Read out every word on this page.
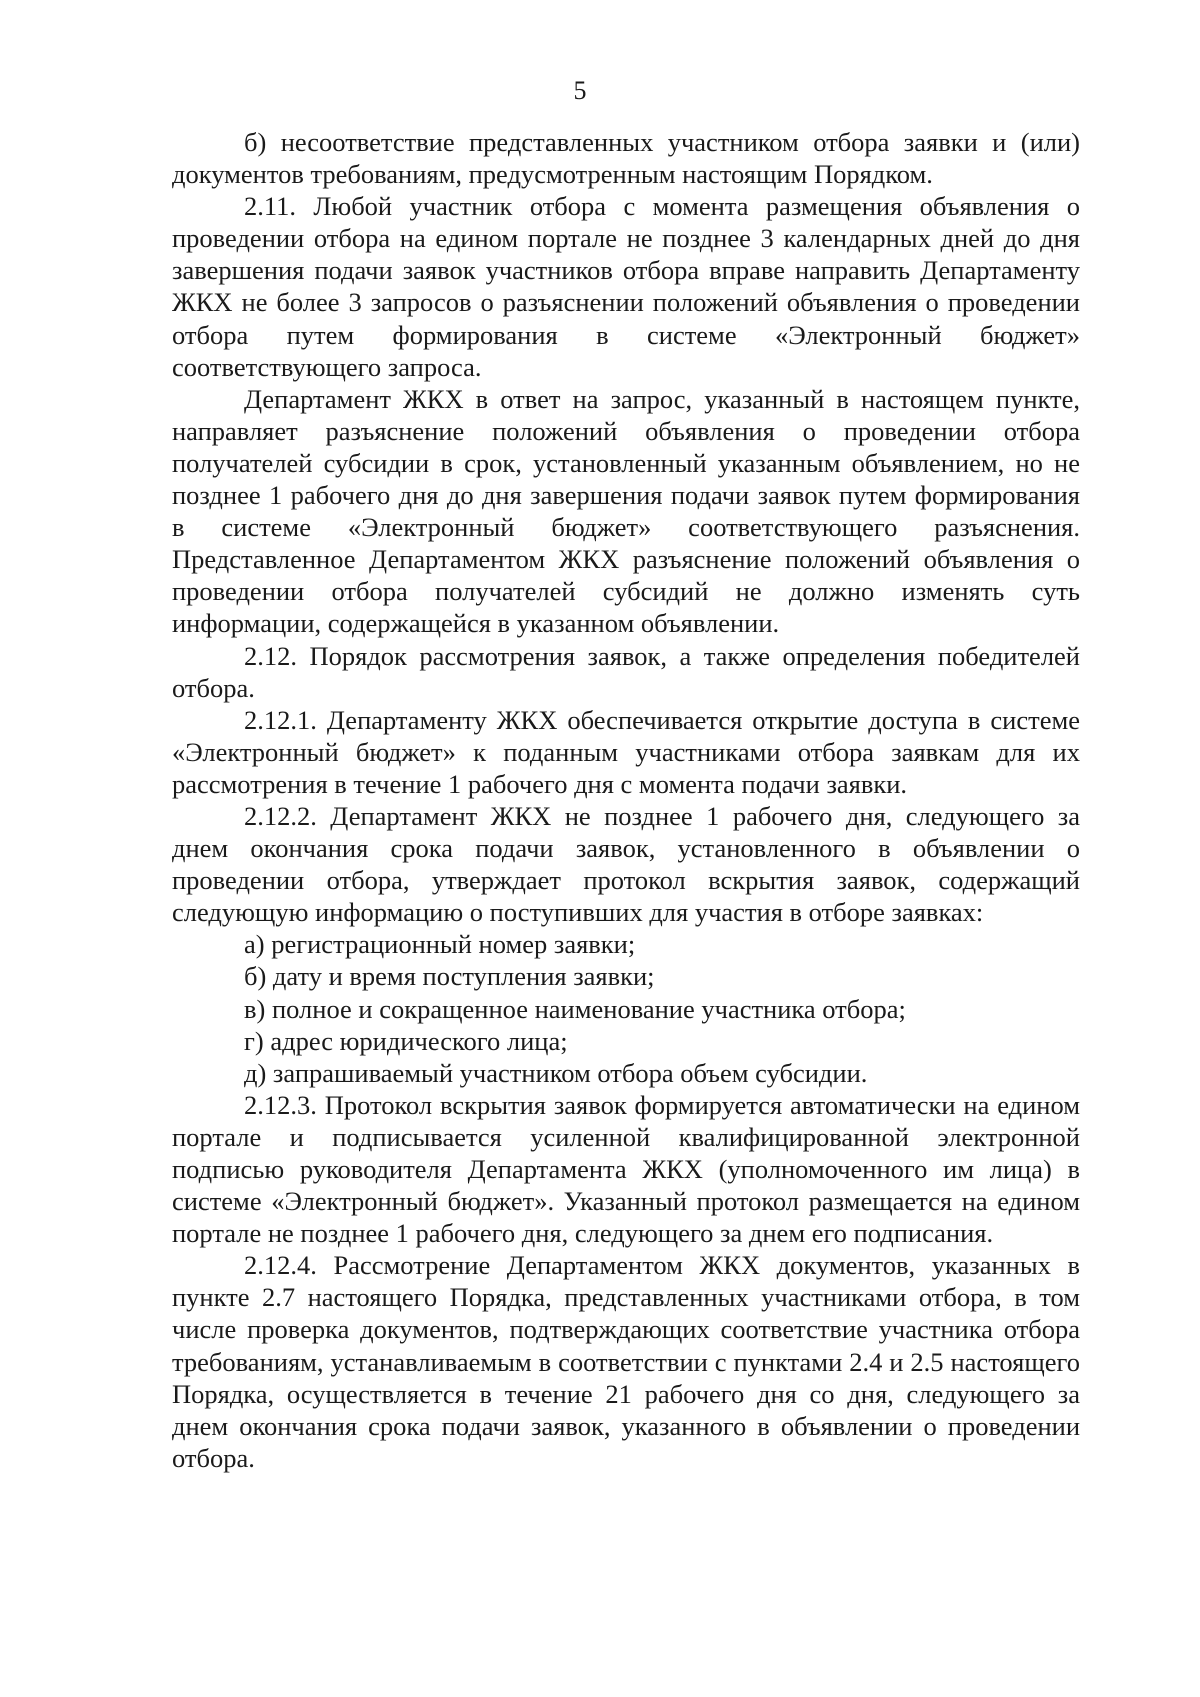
5

б) несоответствие представленных участником отбора заявки и (или) документов требованиям, предусмотренным настоящим Порядком.

2.11. Любой участник отбора с момента размещения объявления о проведении отбора на едином портале не позднее 3 календарных дней до дня завершения подачи заявок участников отбора вправе направить Департаменту ЖКХ не более 3 запросов о разъяснении положений объявления о проведении отбора путем формирования в системе «Электронный бюджет» соответствующего запроса.

Департамент ЖКХ в ответ на запрос, указанный в настоящем пункте, направляет разъяснение положений объявления о проведении отбора получателей субсидии в срок, установленный указанным объявлением, но не позднее 1 рабочего дня до дня завершения подачи заявок путем формирования в системе «Электронный бюджет» соответствующего разъяснения. Представленное Департаментом ЖКХ разъяснение положений объявления о проведении отбора получателей субсидий не должно изменять суть информации, содержащейся в указанном объявлении.

2.12. Порядок рассмотрения заявок, а также определения победителей отбора.

2.12.1. Департаменту ЖКХ обеспечивается открытие доступа в системе «Электронный бюджет» к поданным участниками отбора заявкам для их рассмотрения в течение 1 рабочего дня с момента подачи заявки.

2.12.2. Департамент ЖКХ не позднее 1 рабочего дня, следующего за днем окончания срока подачи заявок, установленного в объявлении о проведении отбора, утверждает протокол вскрытия заявок, содержащий следующую информацию о поступивших для участия в отборе заявках:

а) регистрационный номер заявки;

б) дату и время поступления заявки;

в) полное и сокращенное наименование участника отбора;

г) адрес юридического лица;

д) запрашиваемый участником отбора объем субсидии.

2.12.3. Протокол вскрытия заявок формируется автоматически на едином портале и подписывается усиленной квалифицированной электронной подписью руководителя Департамента ЖКХ (уполномоченного им лица) в системе «Электронный бюджет». Указанный протокол размещается на едином портале не позднее 1 рабочего дня, следующего за днем его подписания.

2.12.4. Рассмотрение Департаментом ЖКХ документов, указанных в пункте 2.7 настоящего Порядка, представленных участниками отбора, в том числе проверка документов, подтверждающих соответствие участника отбора требованиям, устанавливаемым в соответствии с пунктами 2.4 и 2.5 настоящего Порядка, осуществляется в течение 21 рабочего дня со дня, следующего за днем окончания срока подачи заявок, указанного в объявлении о проведении отбора.
